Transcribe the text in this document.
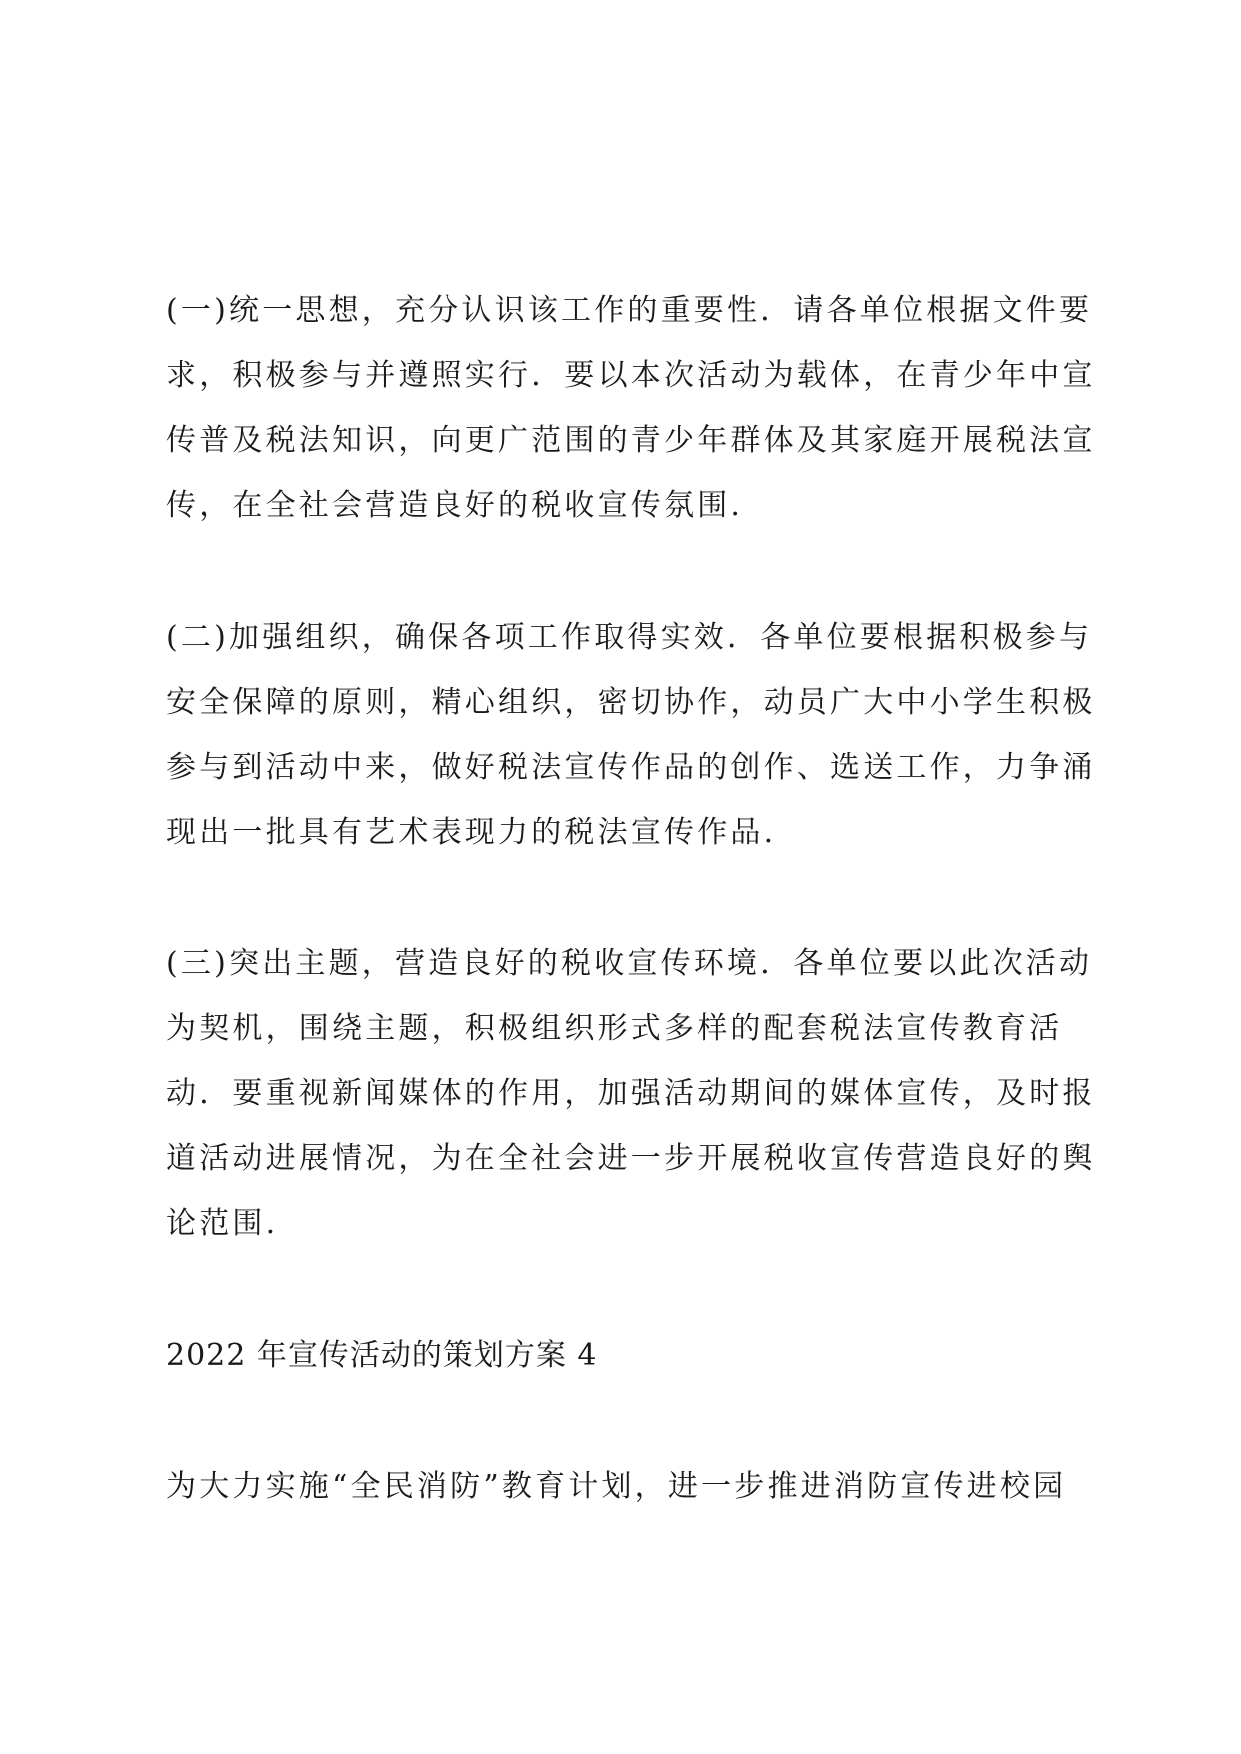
(一)统一思想，充分认识该工作的重要性．请各单位根据文件要
求，积极参与并遵照实行．要以本次活动为载体，在青少年中宣
传普及税法知识，向更广范围的青少年群体及其家庭开展税法宣
传，在全社会营造良好的税收宣传氛围.
(二)加强组织，确保各项工作取得实效．各单位要根据积极参与
安全保障的原则，精心组织，密切协作，动员广大中小学生积极
参与到活动中来，做好税法宣传作品的创作、选送工作，力争涌
现出一批具有艺术表现力的税法宣传作品.
(三)突出主题，营造良好的税收宣传环境．各单位要以此次活动
为契机，围绕主题，积极组织形式多样的配套税法宣传教育活
动．要重视新闻媒体的作用，加强活动期间的媒体宣传，及时报
道活动进展情况，为在全社会进一步开展税收宣传营造良好的舆
论范围.
2022 年宣传活动的策划方案 4
为大力实施“全民消防”教育计划，进一步推进消防宣传进校园
